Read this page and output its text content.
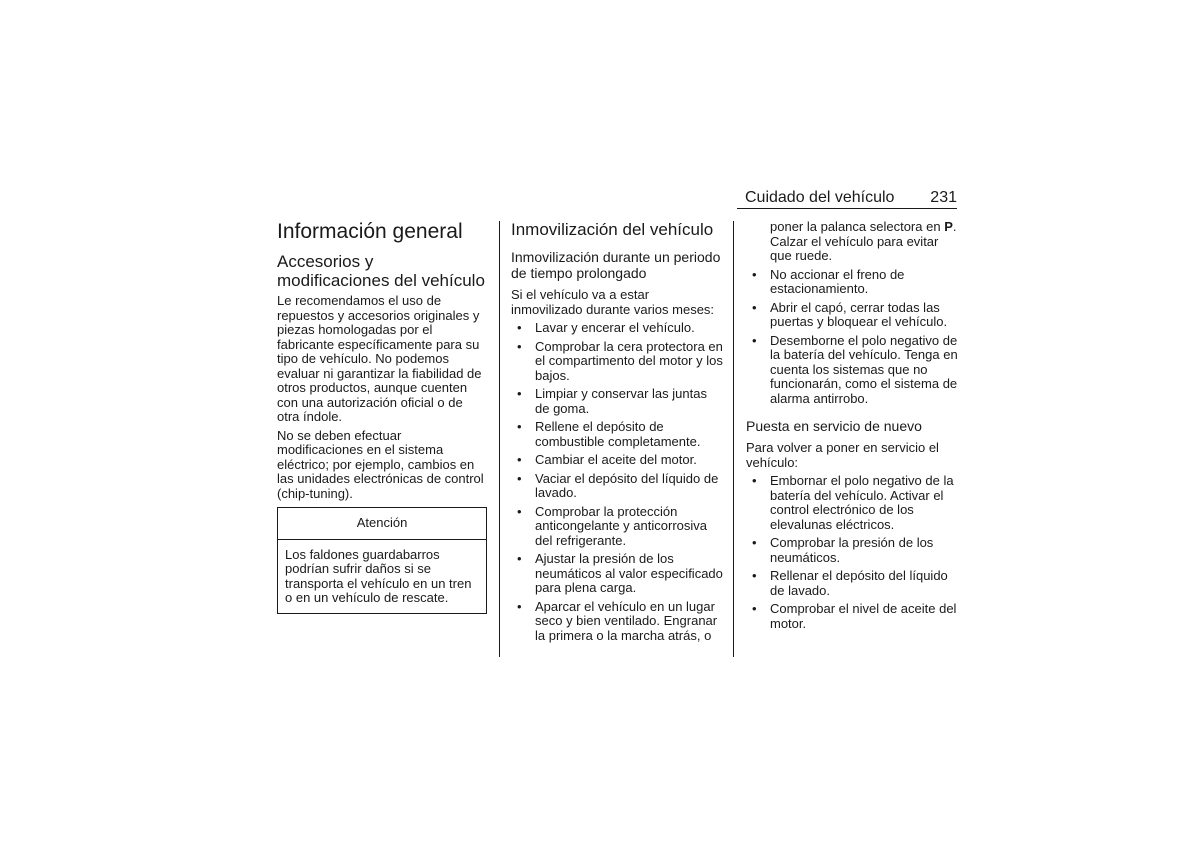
Cuidado del vehículo 231
Información general
Accesorios y
modificaciones del vehículo

Le recomendamos el uso de repuestos y accesorios originales y piezas homologadas por el fabricante específicamente para su tipo de vehículo. No podemos evaluar ni garantizar la fiabilidad de otros productos, aunque cuenten con una autorización oficial o de otra índole.

No se deben efectuar modificaciones en el sistema eléctrico; por ejemplo, cambios en las unidades electrónicas de control (chip-tuning).

Atención
Los faldones guardabarros podrían sufrir daños si se transporta el vehículo en un tren o en un vehículo de rescate.
Inmovilización del vehículo
Inmovilización durante un periodo de tiempo prolongado

Si el vehículo va a estar inmovilizado durante varios meses:

• Lavar y encerar el vehículo.
• Comprobar la cera protectora en el compartimento del motor y los bajos.
• Limpiar y conservar las juntas de goma.
• Rellene el depósito de combustible completamente.
• Cambiar el aceite del motor.
• Vaciar el depósito del líquido de lavado.
• Comprobar la protección anticongelante y anticorrosiva del refrigerante.
• Ajustar la presión de los neumáticos al valor especificado para plena carga.
• Aparcar el vehículo en un lugar seco y bien ventilado. Engranar la primera o la marcha atrás, o

poner la palanca selectora en P. Calzar el vehículo para evitar que ruede.

• No accionar el freno de estacionamiento.
• Abrir el capó, cerrar todas las puertas y bloquear el vehículo.
• Desemborne el polo negativo de la batería del vehículo. Tenga en cuenta los sistemas que no funcionarán, como el sistema de alarma antirrobo.
Puesta en servicio de nuevo

Para volver a poner en servicio el vehículo:

• Embornar el polo negativo de la batería del vehículo. Activar el control electrónico de los elevalunas eléctricos.
• Comprobar la presión de los neumáticos.
• Rellenar el depósito del líquido de lavado.
• Comprobar el nivel de aceite del motor.
